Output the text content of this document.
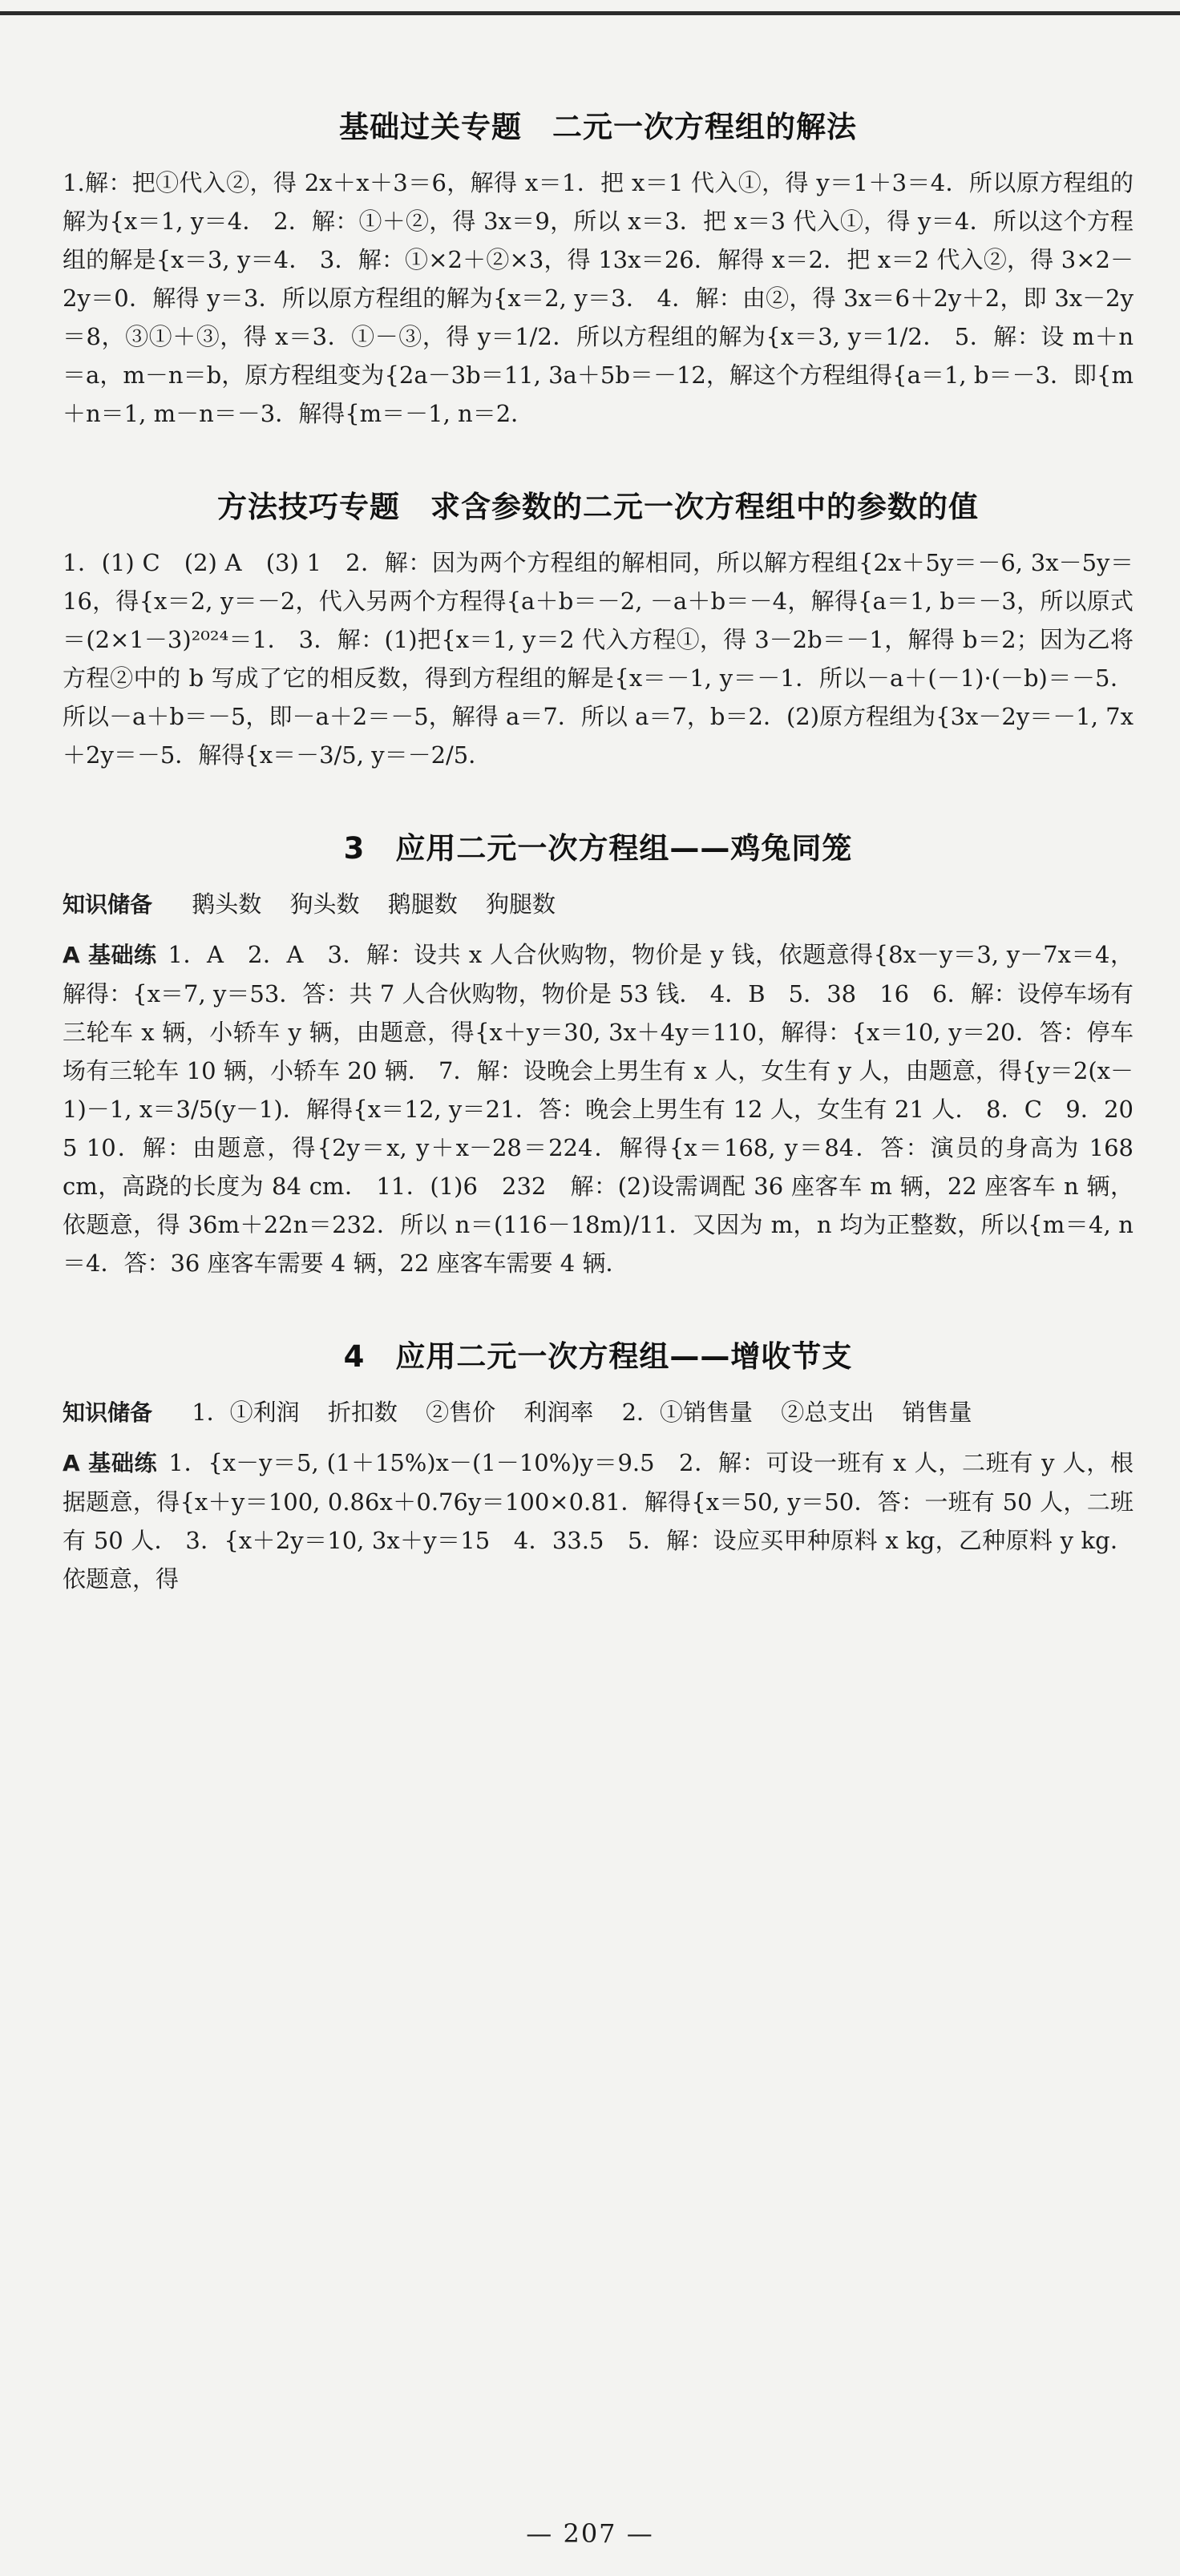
基础过关专题　二元一次方程组的解法

1.解：把①代入②，得 2x＋x＋3＝6，解得 x＝1．把 x＝1 代入①，得 y＝1＋3＝4．所以原方程组的解为{x＝1, y＝4． 2．解：①＋②，得 3x＝9，所以 x＝3．把 x＝3 代入①，得 y＝4．所以这个方程组的解是{x＝3, y＝4． 3．解：①×2＋②×3，得 13x＝26．解得 x＝2．把 x＝2 代入②，得 3×2－2y＝0．解得 y＝3．所以原方程组的解为{x＝2, y＝3． 4．解：由②，得 3x＝6＋2y＋2，即 3x－2y＝8，③①＋③，得 x＝3．①－③，得 y＝1/2．所以方程组的解为{x＝3, y＝1/2． 5．解：设 m＋n＝a，m－n＝b，原方程组变为{2a－3b＝11, 3a＋5b＝－12，解这个方程组得{a＝1, b＝－3．即{m＋n＝1, m－n＝－3．解得{m＝－1, n＝2．

方法技巧专题　求含参数的二元一次方程组中的参数的值

1．(1) C　(2) A　(3) 1　2．解：因为两个方程组的解相同，所以解方程组{2x＋5y＝－6, 3x－5y＝16，得{x＝2, y＝－2，代入另两个方程得{a＋b＝－2, －a＋b＝－4，解得{a＝1, b＝－3，所以原式＝(2×1－3)²⁰²⁴＝1． 3．解：(1)把{x＝1, y＝2 代入方程①，得 3－2b＝－1，解得 b＝2；因为乙将方程②中的 b 写成了它的相反数，得到方程组的解是{x＝－1, y＝－1．所以－a＋(－1)·(－b)＝－5．所以－a＋b＝－5，即－a＋2＝－5，解得 a＝7．所以 a＝7，b＝2．(2)原方程组为{3x－2y＝－1, 7x＋2y＝－5．解得{x＝－3/5, y＝－2/5．

3　应用二元一次方程组——鸡兔同笼
知识储备 鹅头数 狗头数 鹅腿数 狗腿数

A 基础练 1．A　2．A　3．解：设共 x 人合伙购物，物价是 y 钱，依题意得{8x－y＝3, y－7x＝4，解得：{x＝7, y＝53．答：共 7 人合伙购物，物价是 53 钱． 4．B　5．38　16　6．解：设停车场有三轮车 x 辆，小轿车 y 辆，由题意，得{x＋y＝30, 3x＋4y＝110，解得：{x＝10, y＝20．答：停车场有三轮车 10 辆，小轿车 20 辆． 7．解：设晚会上男生有 x 人，女生有 y 人，由题意，得{y＝2(x－1)－1, x＝3/5(y－1)．解得{x＝12, y＝21．答：晚会上男生有 12 人，女生有 21 人． 8．C　9．20　5 10．解：由题意，得{2y＝x, y＋x－28＝224．解得{x＝168, y＝84．答：演员的身高为 168 cm，高跷的长度为 84 cm． 11．(1)6　232　解：(2)设需调配 36 座客车 m 辆，22 座客车 n 辆，依题意，得 36m＋22n＝232．所以 n＝(116－18m)/11．又因为 m，n 均为正整数，所以{m＝4, n＝4．答：36 座客车需要 4 辆，22 座客车需要 4 辆．

4　应用二元一次方程组——增收节支
知识储备 1．①利润 折扣数 ②售价 利润率 2．①销售量 ②总支出 销售量

A 基础练 1．{x－y＝5, (1＋15%)x－(1－10%)y＝9.5　2．解：可设一班有 x 人，二班有 y 人，根据题意，得{x＋y＝100, 0.86x＋0.76y＝100×0.81．解得{x＝50, y＝50．答：一班有 50 人，二班有 50 人． 3．{x＋2y＝10, 3x＋y＝15　4．33.5　5．解：设应买甲种原料 x kg，乙种原料 y kg．依题意，得

— 207 —
